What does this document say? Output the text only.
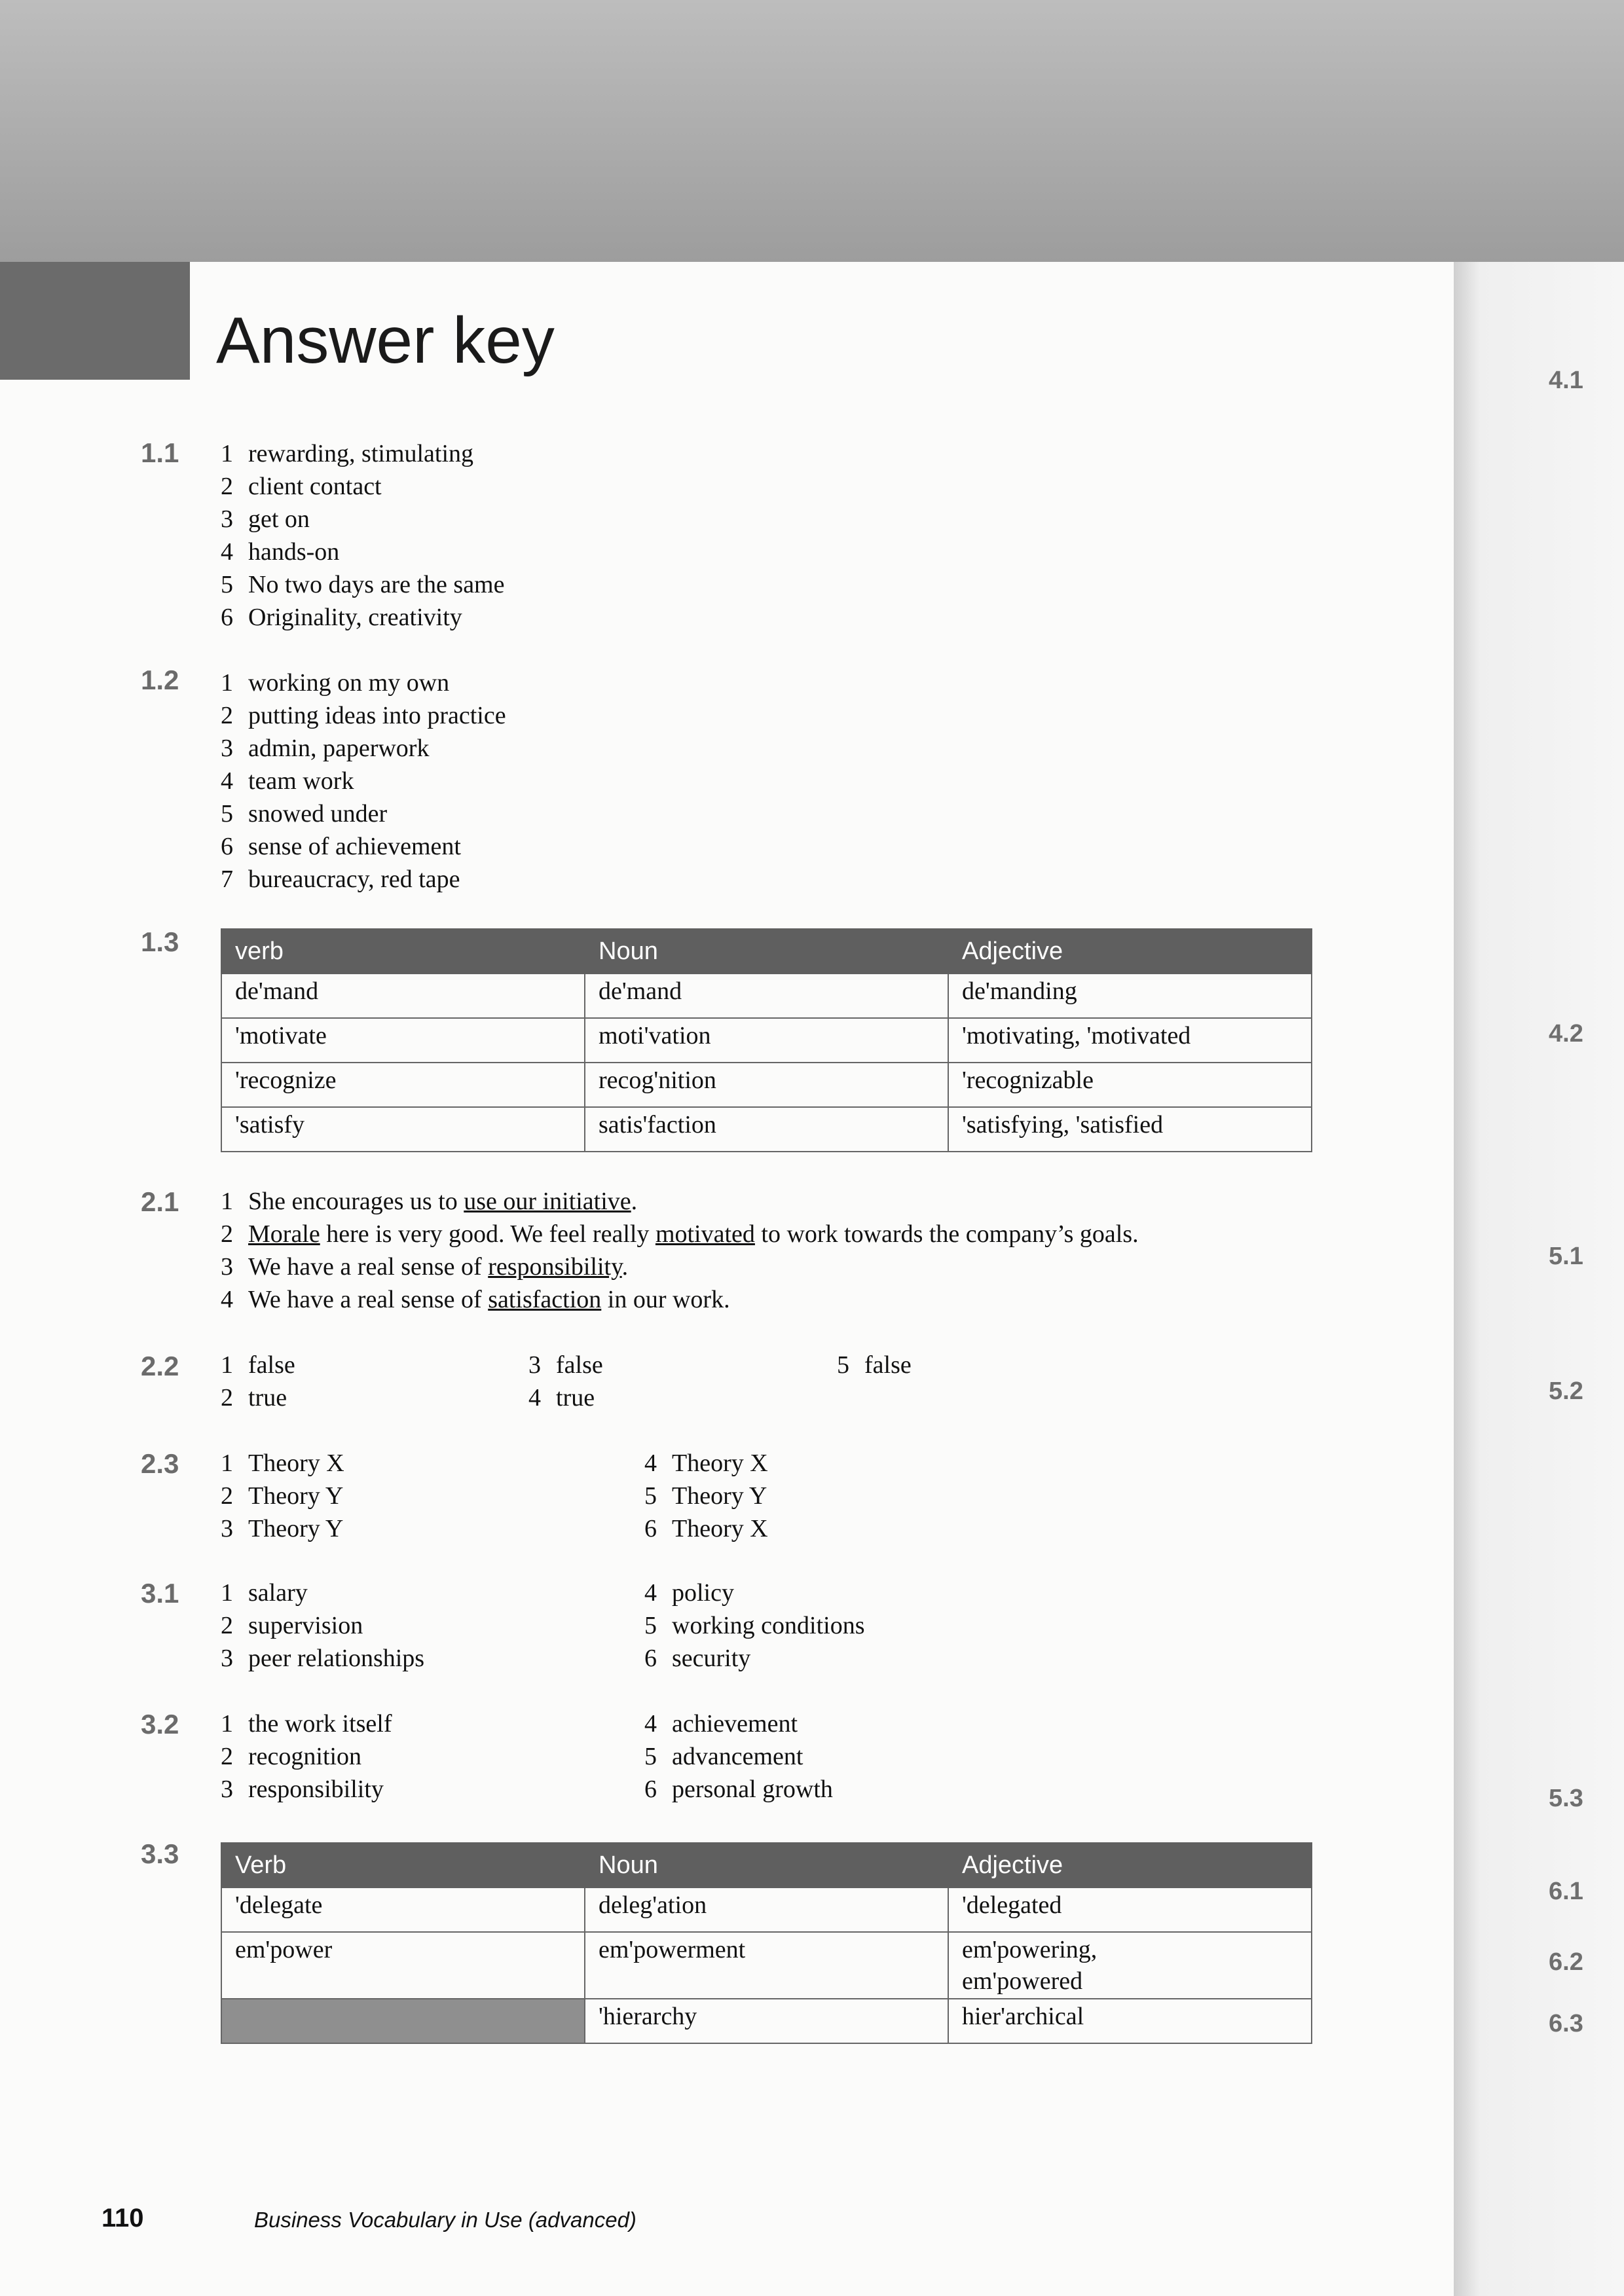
4.1
4.2
5.1
5.2
5.3
6.1
6.2
6.3
Answer key
1.1 1 rewarding, stimulating
2 client contact
3 get on
4 hands-on
5 No two days are the same
6 Originality, creativity
1.2 1 working on my own
2 putting ideas into practice
3 admin, paperwork
4 team work
5 snowed under
6 sense of achievement
7 bureaucracy, red tape
1.3 verb	Noun	Adjective
de'mand	de'mand	de'manding
'motivate	moti'vation	'motivating, 'motivated
'recognize	recog'nition	'recognizable
'satisfy	satis'faction	'satisfying, 'satisfied
2.1 1 She encourages us to use our initiative.
2 Morale here is very good. We feel really motivated to work towards the company’s goals.
3 We have a real sense of responsibility.
4 We have a real sense of satisfaction in our work.
2.2 1 false
2 true
3 false
4 true
5 false
2.3 1 Theory X
2 Theory Y
3 Theory Y
4 Theory X
5 Theory Y
6 Theory X
3.1 1 salary
2 supervision
3 peer relationships
4 policy
5 working conditions
6 security
3.2 1 the work itself
2 recognition
3 responsibility
4 achievement
5 advancement
6 personal growth
3.3 Verb	Noun	Adjective
'delegate	deleg'ation	'delegated
em'power	em'powerment	em'powering,
em'powered

	'hierarchy	hier'archical
110	Business Vocabulary in Use (advanced)
